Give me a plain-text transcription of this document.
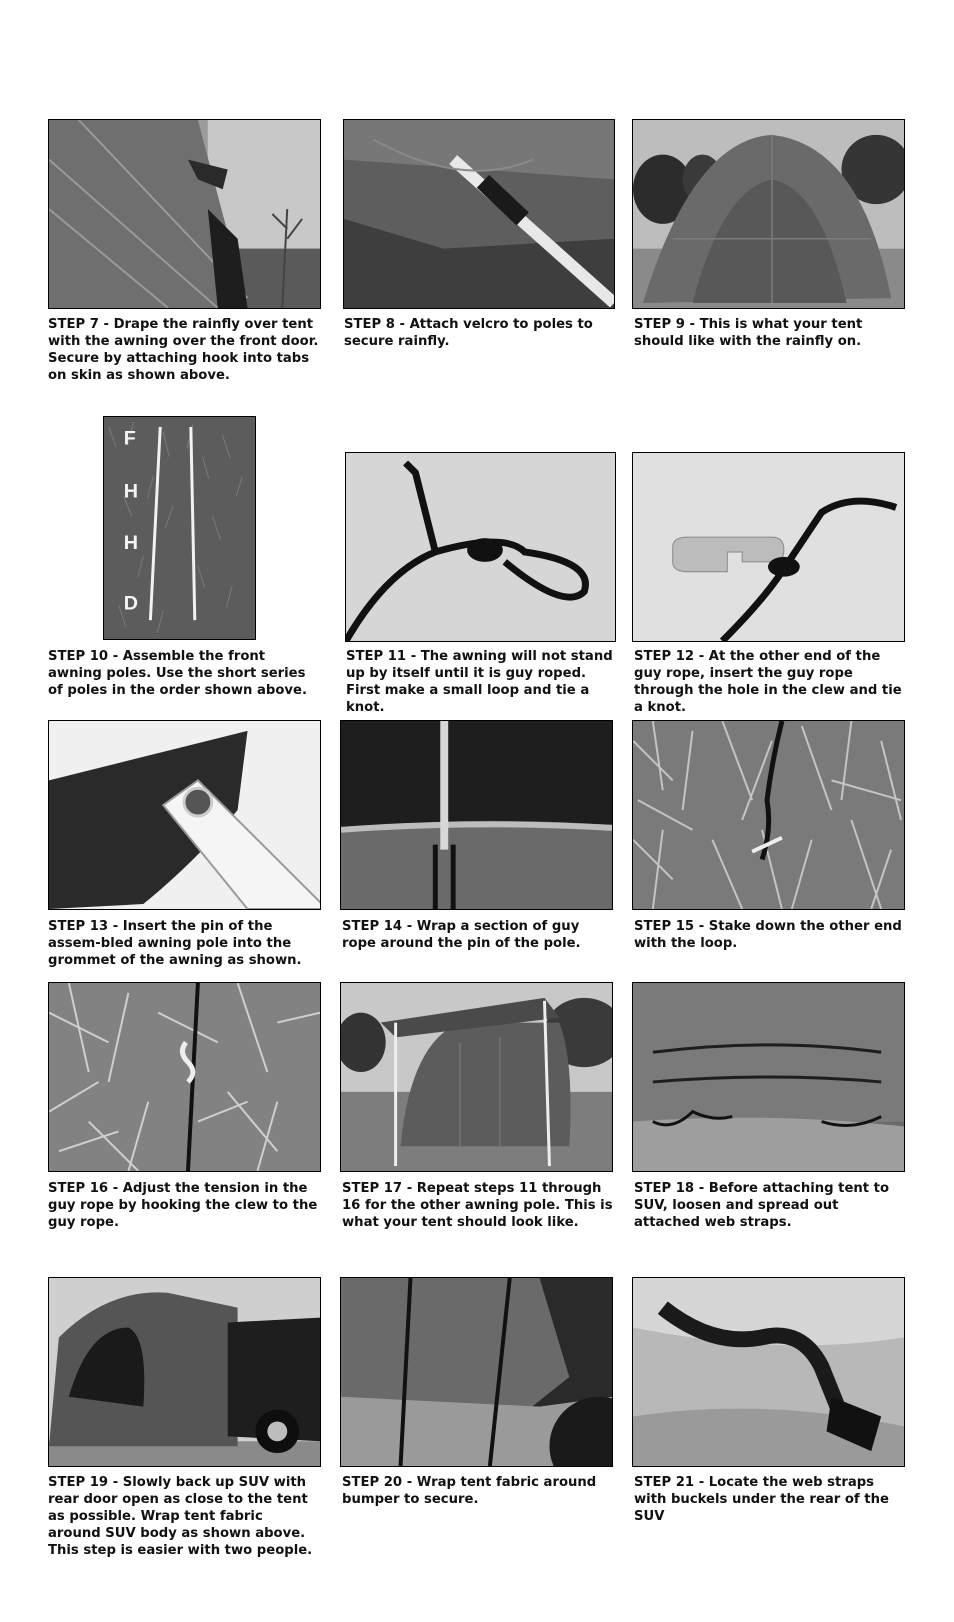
STEP 7 - Drape the rainfly over tent with the awning over the front door. Secure by attaching hook into tabs on skin as shown above.

STEP 8 - Attach velcro to poles to secure rainfly.

STEP 9 - This is what your tent should like with the rainfly on.

F
H
H
D

STEP 10 - Assemble the front awning poles. Use the short series of poles in the order shown above.

STEP 11 - The awning will not stand up by itself until it is guy roped. First make a small loop and tie a knot.

STEP 12 - At the other end of the guy rope, insert the guy rope through the hole in the clew and tie a knot.

STEP 13 - Insert the pin of the assem-bled awning pole into the grommet of the awning as shown.

STEP 14 - Wrap a section of guy rope around the pin of the pole.

STEP 15 - Stake down the other end with the loop.

STEP 16 - Adjust the tension in the guy rope by hooking the clew to the guy rope.

STEP 17 - Repeat steps 11 through 16 for the other awning pole. This is what your tent should look like.

STEP 18 - Before attaching tent to SUV, loosen and spread out attached web straps.

STEP 19 - Slowly back up SUV with rear door open as close to the tent as possible. Wrap tent fabric around SUV body as shown above. This step is easier with two people.

STEP 20 - Wrap tent fabric around bumper to secure.

STEP 21 - Locate the web straps with buckels under the rear of the SUV
